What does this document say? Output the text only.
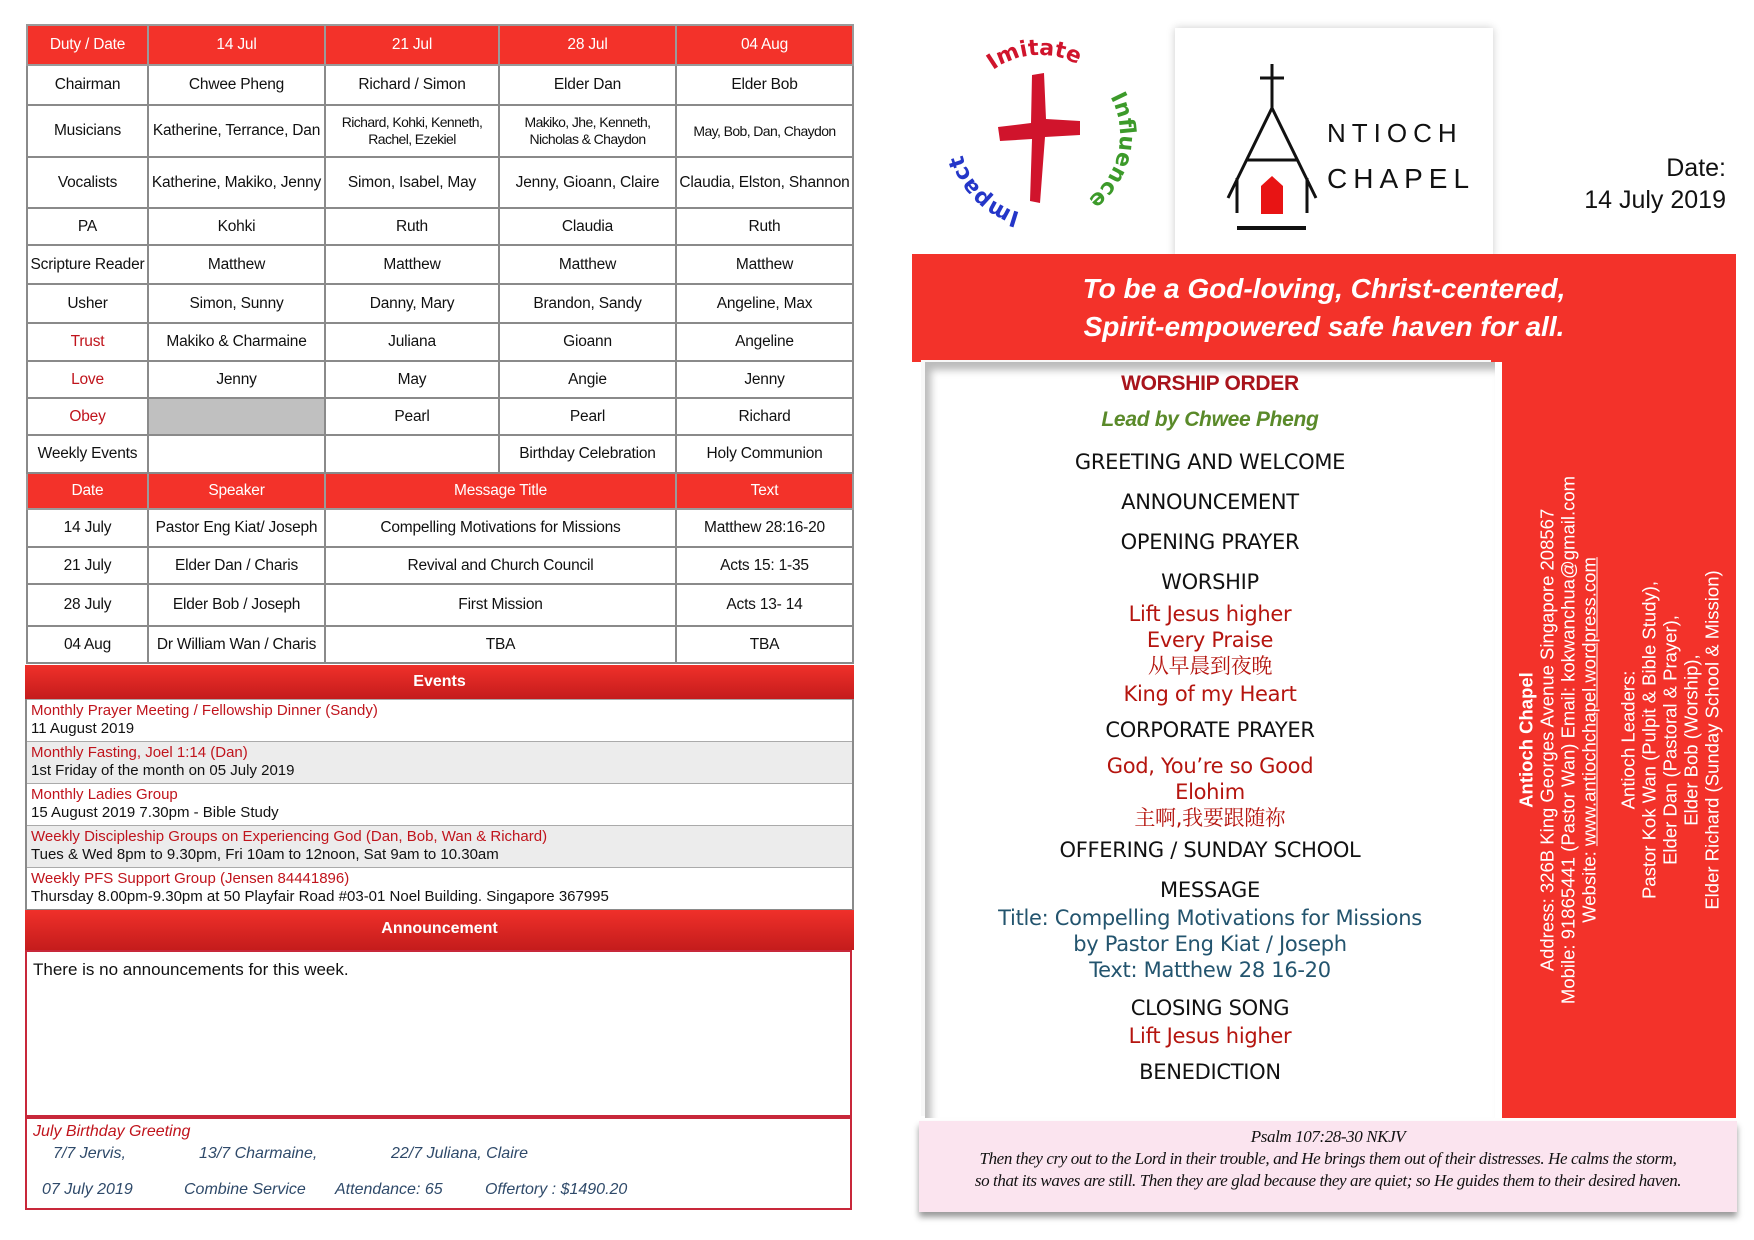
Duty / Date	14 Jul	21 Jul	28 Jul	04 Aug
Chairman	Chwee Pheng	Richard / Simon	Elder Dan	Elder Bob
Musicians	Katherine, Terrance, Dan	Richard, Kohki, Kenneth, Rachel, Ezekiel	Makiko, Jhe, Kenneth, Nicholas & Chaydon	May, Bob, Dan, Chaydon
Vocalists	Katherine, Makiko, Jenny	Simon, Isabel, May	Jenny, Gioann, Claire	Claudia, Elston, Shannon
PA	Kohki	Ruth	Claudia	Ruth
Scripture Reader	Matthew	Matthew	Matthew	Matthew
Usher	Simon, Sunny	Danny, Mary	Brandon, Sandy	Angeline, Max
Trust	Makiko & Charmaine	Juliana	Gioann	Angeline
Love	Jenny	May	Angie	Jenny
Obey		Pearl	Pearl	Richard
Weekly Events			Birthday Celebration	Holy Communion
Date	Speaker	Message Title		Text
14 July	Pastor Eng Kiat/ Joseph	Compelling Motivations for Missions		Matthew 28:16-20
21 July	Elder Dan / Charis	Revival and Church Council		Acts 15: 1-35
28 July	Elder Bob / Joseph	First Mission		Acts 13- 14
04 Aug	Dr William Wan / Charis	TBA		TBA
Events
Monthly Prayer Meeting / Fellowship Dinner (Sandy)
11 August 2019
Monthly Fasting, Joel 1:14 (Dan)
1st Friday of the month on 05 July 2019
Monthly Ladies Group
15 August 2019 7.30pm - Bible Study
Weekly Discipleship Groups on Experiencing God (Dan, Bob, Wan & Richard)
Tues & Wed 8pm to 9.30pm, Fri 10am to 12noon, Sat 9am to 10.30am
Weekly PFS Support Group (Jensen 84441896)
Thursday 8.00pm-9.30pm at 50 Playfair Road #03-01 Noel Building. Singapore 367995
Announcement
There is no announcements for this week.
July Birthday Greeting
7/7 Jervis,	13/7 Charmaine,	22/7 Juliana, Claire
07 July 2019	Combine Service Attendance: 65	Offertory : $1490.20
Imitate
Influence
Impact
NTIOCH
CHAPEL	Date:
14 July 2019
To be a God-loving, Christ-centered,
Spirit-empowered safe haven for all.
Antioch Chapel Address: 326B King Georges Avenue Singapore 208567 Mobile: 91865441 (Pastor Wan) Email: kokwanchua@gmail.com Website: www.antiochchapel.wordpress.com Antioch Leaders: Pastor Kok Wan (Pulpit & Bible Study), Elder Dan (Pastoral & Prayer), Elder Bob (Worship), Elder Richard (Sunday School & Mission)
WORSHIP ORDER
Lead by Chwee Pheng
GREETING AND WELCOME
ANNOUNCEMENT
OPENING PRAYER
WORSHIP
Lift Jesus higher
Every Praise
从早晨到夜晚
King of my Heart
CORPORATE PRAYER
God, You’re so Good
Elohim
主啊,我要跟随祢
OFFERING / SUNDAY SCHOOL
MESSAGE
Title: Compelling Motivations for Missions
by Pastor Eng Kiat / Joseph
Text: Matthew 28 16-20
CLOSING SONG
Lift Jesus higher
BENEDICTION
Psalm 107:28-30 NKJV
Then they cry out to the Lord in their trouble, and He brings them out of their distresses. He calms the storm,
so that its waves are still. Then they are glad because they are quiet; so He guides them to their desired haven.
